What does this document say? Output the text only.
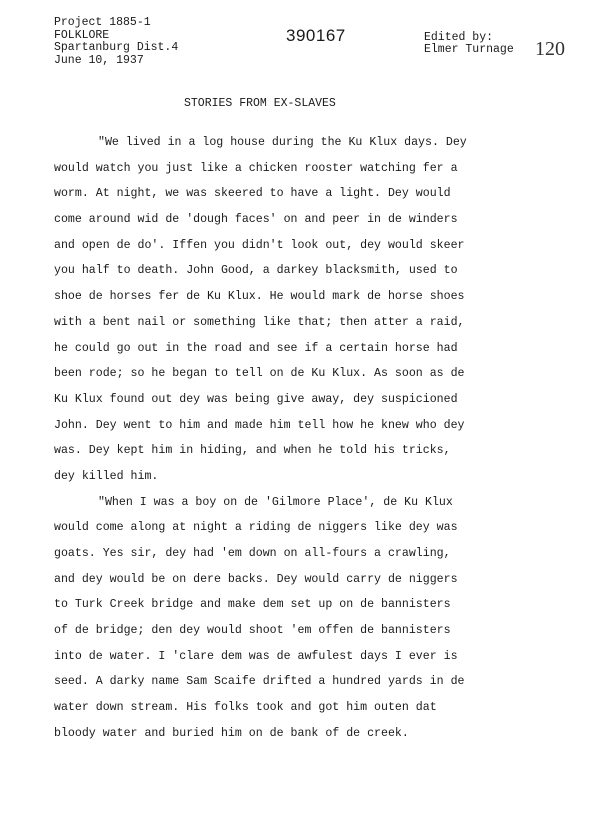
Project 1885-1
FOLKLORE
Spartanburg Dist.4
June 10, 1937
390167	Edited by:
Elmer Turnage 120
STORIES FROM EX-SLAVES
"We lived in a log house during the Ku Klux days. Dey
would watch you just like a chicken rooster watching fer a
worm. At night, we was skeered to have a light. Dey would
come around wid de 'dough faces' on and peer in de winders
and open de do'. Iffen you didn't look out, dey would skeer
you half to death. John Good, a darkey blacksmith, used to
shoe de horses fer de Ku Klux. He would mark de horse shoes
with a bent nail or something like that; then atter a raid,
he could go out in the road and see if a certain horse had
been rode; so he began to tell on de Ku Klux. As soon as de
Ku Klux found out dey was being give away, dey suspicioned
John. Dey went to him and made him tell how he knew who dey
was. Dey kept him in hiding, and when he told his tricks,
dey killed him.
"When I was a boy on de 'Gilmore Place', de Ku Klux
would come along at night a riding de niggers like dey was
goats. Yes sir, dey had 'em down on all-fours a crawling,
and dey would be on dere backs. Dey would carry de niggers
to Turk Creek bridge and make dem set up on de bannisters
of de bridge; den dey would shoot 'em offen de bannisters
into de water. I 'clare dem was de awfulest days I ever is
seed. A darky name Sam Scaife drifted a hundred yards in de
water down stream. His folks took and got him outen dat
bloody water and buried him on de bank of de creek.
